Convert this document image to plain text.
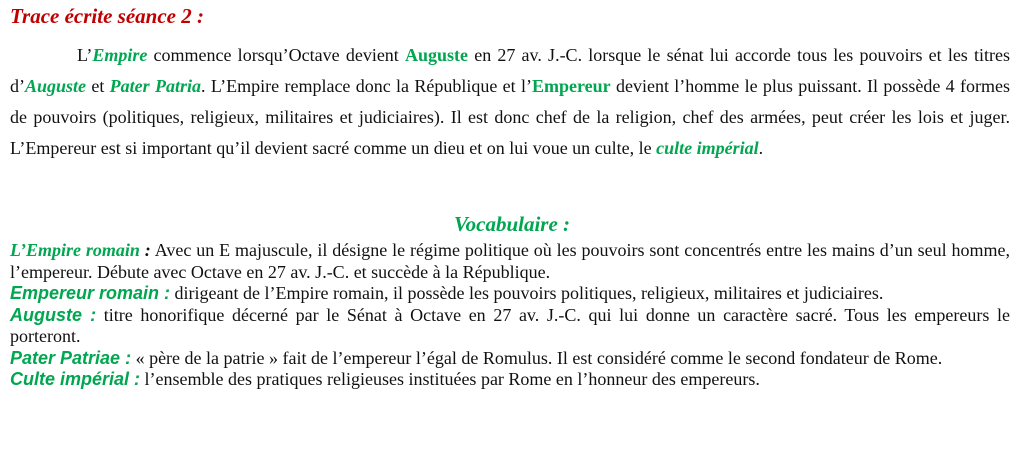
Trace écrite séance 2 :

L’Empire commence lorsqu’Octave devient Auguste en 27 av. J.-C. lorsque le sénat lui accorde tous les pouvoirs et les titres d’Auguste et Pater Patria. L’Empire remplace donc la République et l’Empereur devient l’homme le plus puissant. Il possède 4 formes de pouvoirs (politiques, religieux, militaires et judiciaires). Il est donc chef de la religion, chef des armées, peut créer les lois et juger. L’Empereur est si important qu’il devient sacré comme un dieu et on lui voue un culte, le culte impérial.

Vocabulaire :

L’Empire romain : Avec un E majuscule, il désigne le régime politique où les pouvoirs sont concentrés entre les mains d’un seul homme, l’empereur. Débute avec Octave en 27 av. J.-C. et succède à la République.

Empereur romain : dirigeant de l’Empire romain, il possède les pouvoirs politiques, religieux, militaires et judiciaires.

Auguste : titre honorifique décerné par le Sénat à Octave en 27 av. J.-C. qui lui donne un caractère sacré. Tous les empereurs le porteront.

Pater Patriae : « père de la patrie » fait de l’empereur l’égal de Romulus. Il est considéré comme le second fondateur de Rome.

Culte impérial : l’ensemble des pratiques religieuses instituées par Rome en l’honneur des empereurs.
